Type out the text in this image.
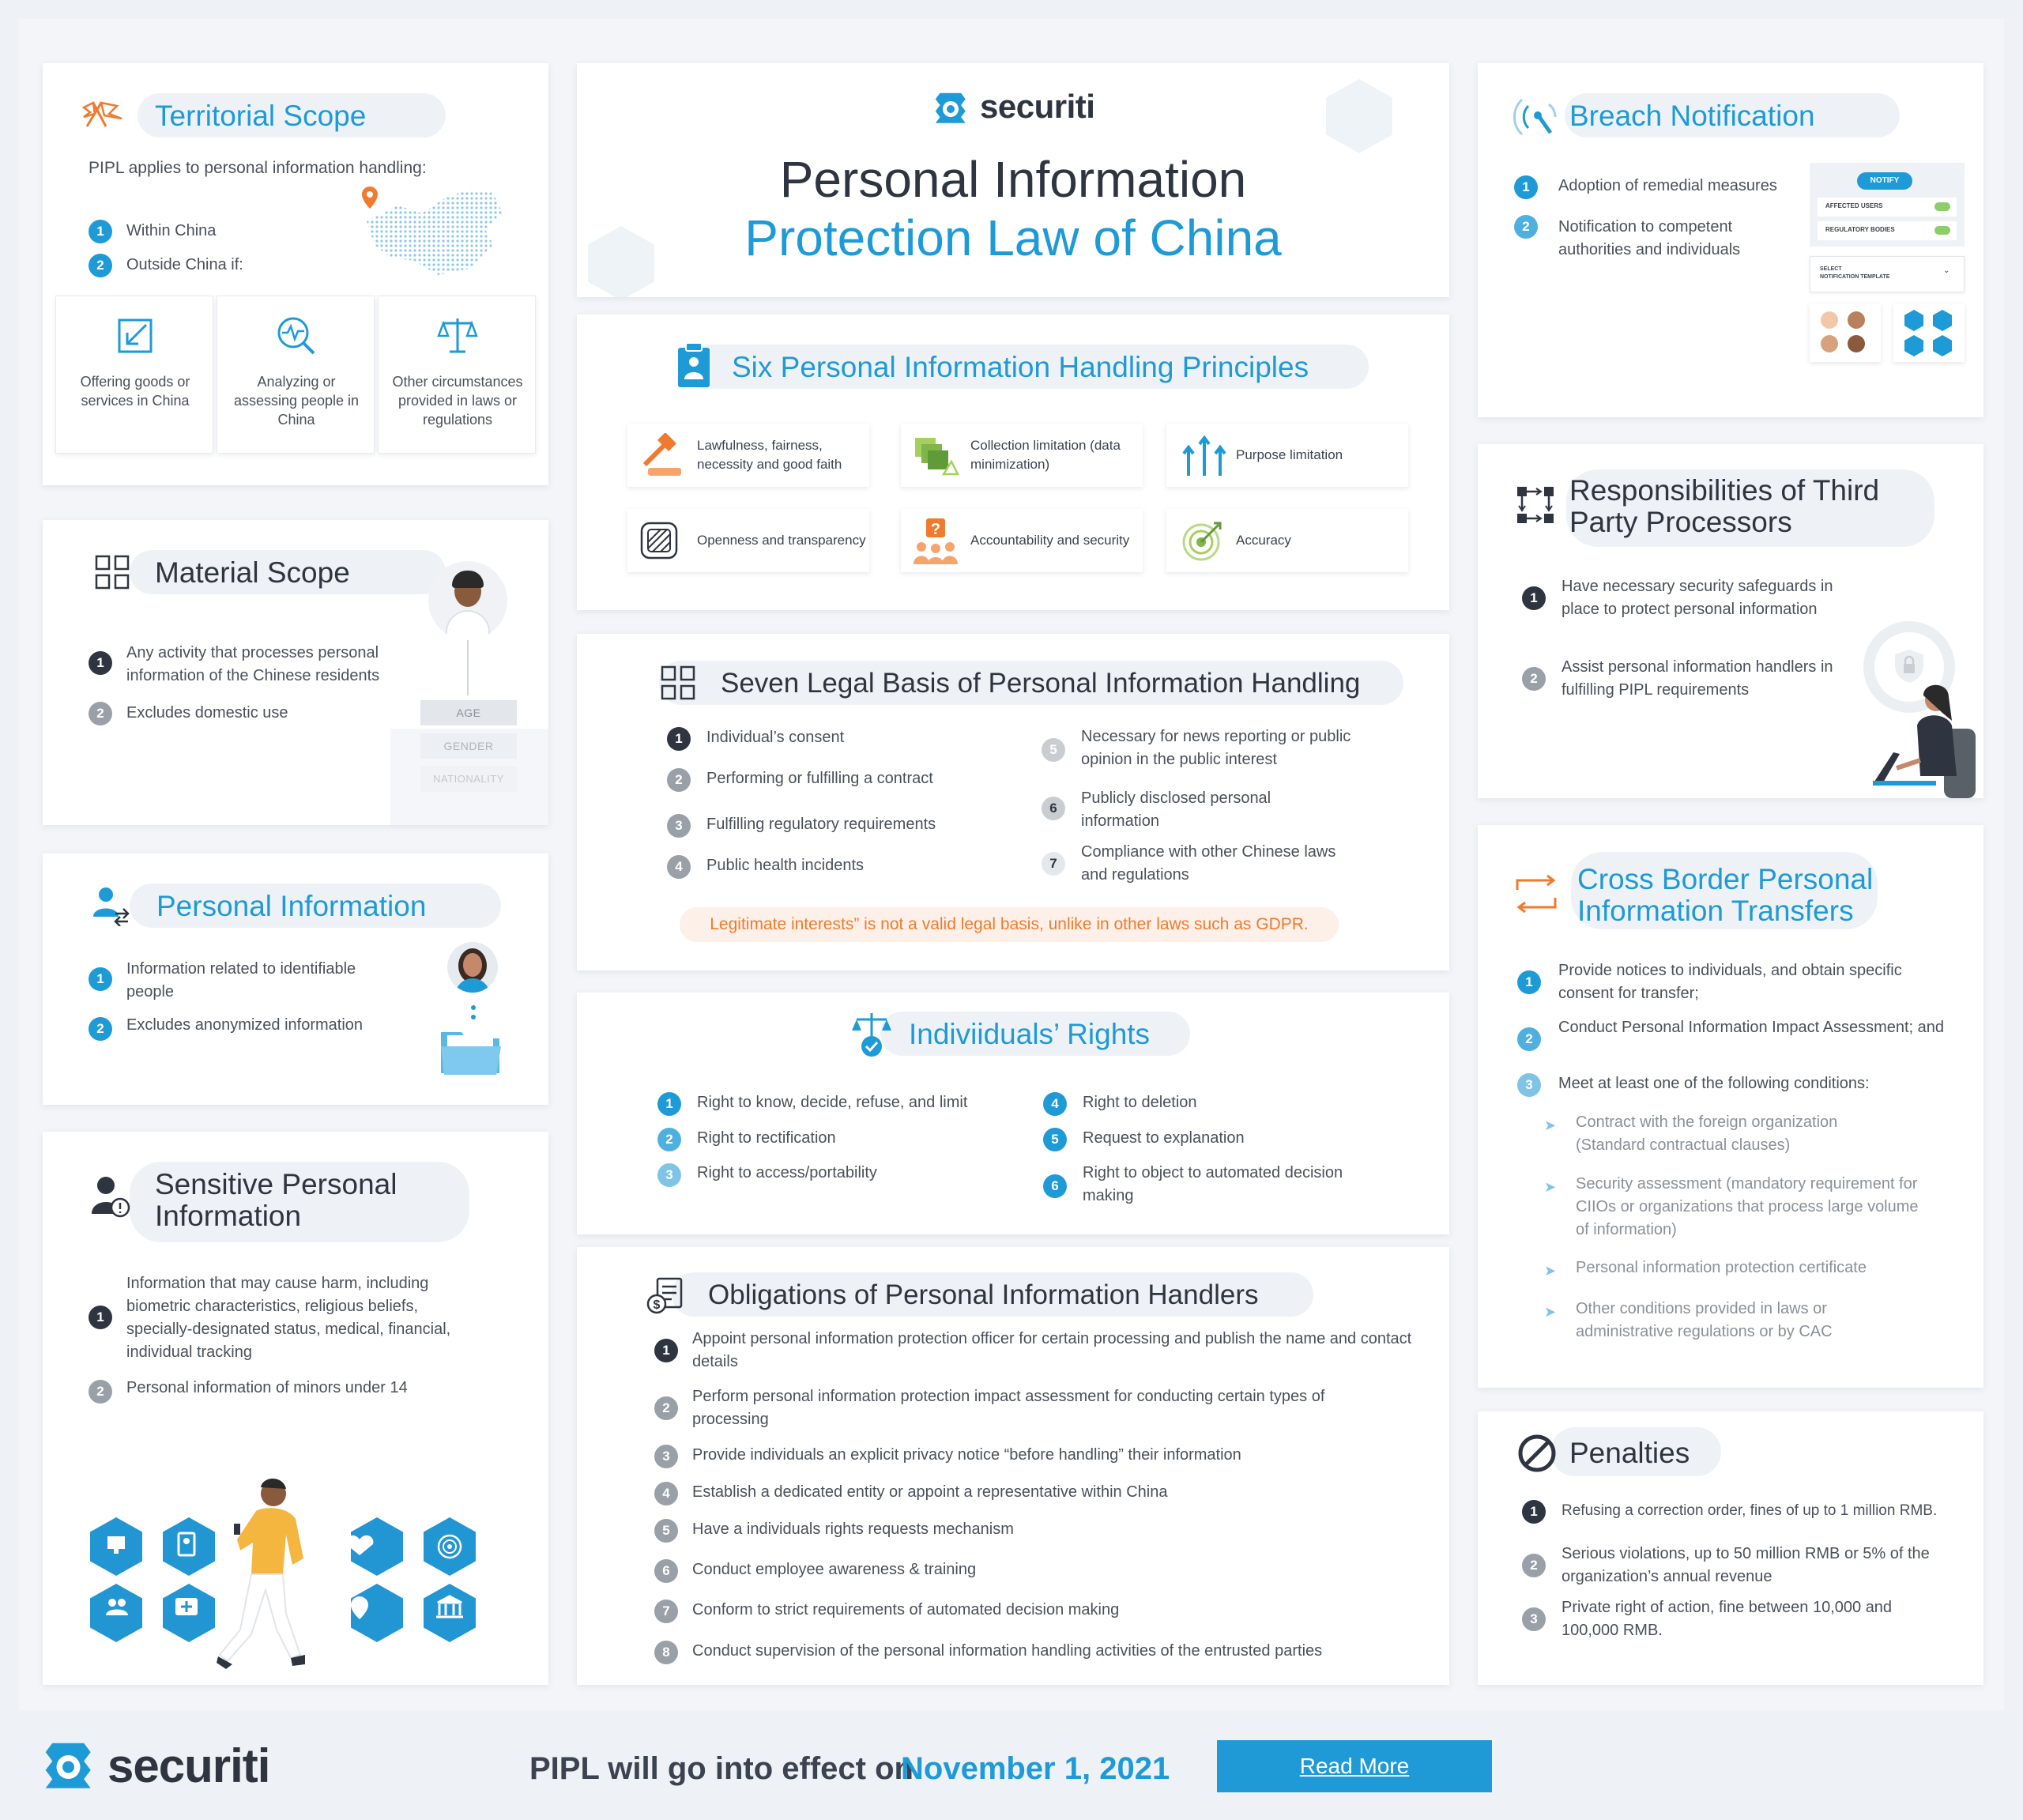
securiti
Personal Information
Protection Law of China
Territorial Scope
PIPL applies to personal information handling:
1	Within China
2	Outside China if:
Offering goods or services in China
Analyzing or assessing people in China
Other circumstances provided in laws or regulations
Material Scope
1
Any activity that processes personal information of the Chinese residents
2	Excludes domestic use	AGE
GENDER
NATIONALITY
Personal Information
1
Information related to identifiable people
2	Excludes anonymized information
Sensitive Personal
Information
1
Information that may cause harm, including biometric characteristics, religious beliefs, specially-designated status, medical, financial, individual tracking
2	Personal information of minors under 14
Six Personal Information Handling Principles
Lawfulness, fairness, necessity and good faith
Collection limitation (data minimization)
Purpose limitation
Openness and transparency
?
Accountability and security	Accuracy
Seven Legal Basis of Personal Information Handling
1	Individual’s consent
2	Performing or fulfilling a contract
3	Fulfilling regulatory requirements
4	Public health incidents
5
Necessary for news reporting or public opinion in the public interest
6
Publicly disclosed personal information
7
Compliance with other Chinese laws and regulations
Legitimate interests” is not a valid legal basis, unlike in other laws such as GDPR.
Indiviiduals’ Rights
1	Right to know, decide, refuse, and limit
2	Right to rectification
3	Right to access/portability
4	Right to deletion
5	Request to explanation
6
Right to object to automated decision making
$ Obligations of Personal Information Handlers
1
Appoint personal information protection officer for certain processing and publish the name and contact details
2
Perform personal information protection impact assessment for conducting certain types of processing
3	Provide individuals an explicit privacy notice “before handling” their information
4	Establish a dedicated entity or appoint a representative within China
5	Have a individuals rights requests mechanism
6	Conduct employee awareness & training
7	Conform to strict requirements of automated decision making
8	Conduct supervision of the personal information handling activities of the entrusted parties
Breach Notification
1	Adoption of remedial measures
2	Notification to competent authorities and individuals
NOTIFY
AFFECTED USERS
REGULATORY BODIES
SELECT
NOTIFICATION TEMPLATE
⌄
Responsibilities of Third
Party Processors
1
Have necessary security safeguards in place to protect personal information
2
Assist personal information handlers in fulfilling PIPL requirements
Cross Border Personal
Information Transfers
1
Provide notices to individuals, and obtain specific consent for transfer;
2
Conduct Personal Information Impact Assessment; and
3	Meet at least one of the following conditions:
➤ Contract with the foreign organization (Standard contractual clauses)
➤ Security assessment (mandatory requirement for CIIOs or organizations that process large volume of information)
➤ Personal information protection certificate
➤ Other conditions provided in laws or administrative regulations or by CAC
Penalties
1	Refusing a correction order, fines of up to 1 million RMB.
2
Serious violations, up to 50 million RMB or 5% of the organization’s annual revenue
3
Private right of action, fine between 10,000 and 100,000 RMB.
securiti	PIPL will go into effect on
November 1, 2021	Read More
